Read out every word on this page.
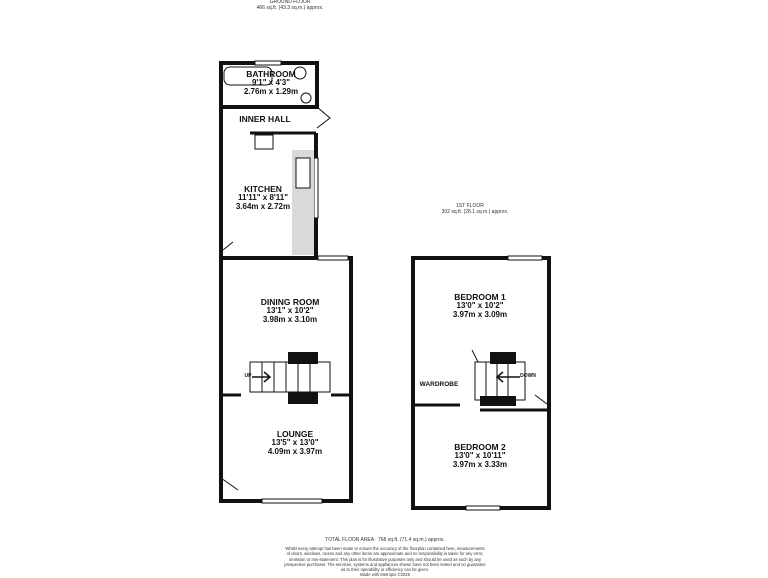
GROUND FLOOR
466 sq.ft. (43.3 sq.m.) approx.
BATHROOM
9'1" x 4'3"
2.76m x 1.29m
INNER HALL
KITCHEN
11'11" x 8'11"
3.64m x 2.72m
DINING ROOM
13'1" x 10'2"
3.98m x 3.10m
LOUNGE
13'5" x 13'0"
4.09m x 3.97m
UP
1ST FLOOR
302 sq.ft. (28.1 sq.m.) approx.
BEDROOM 1
13'0" x 10'2"
3.97m x 3.09m
WARDROBE
BEDROOM 2
13'0" x 10'11"
3.97m x 3.33m
DOWN
TOTAL FLOOR AREA : 768 sq.ft. (71.4 sq.m.) approx.
Whilst every attempt has been made to ensure the accuracy of the floorplan contained here, measurements
of doors, windows, rooms and any other items are approximate and no responsibility is taken for any error,
omission or mis-statement. This plan is for illustrative purposes only and should be used as such by any
prospective purchaser. The services, systems and appliances shown have not been tested and no guarantee
as to their operability or efficiency can be given.
Made with Metropix ©2025
